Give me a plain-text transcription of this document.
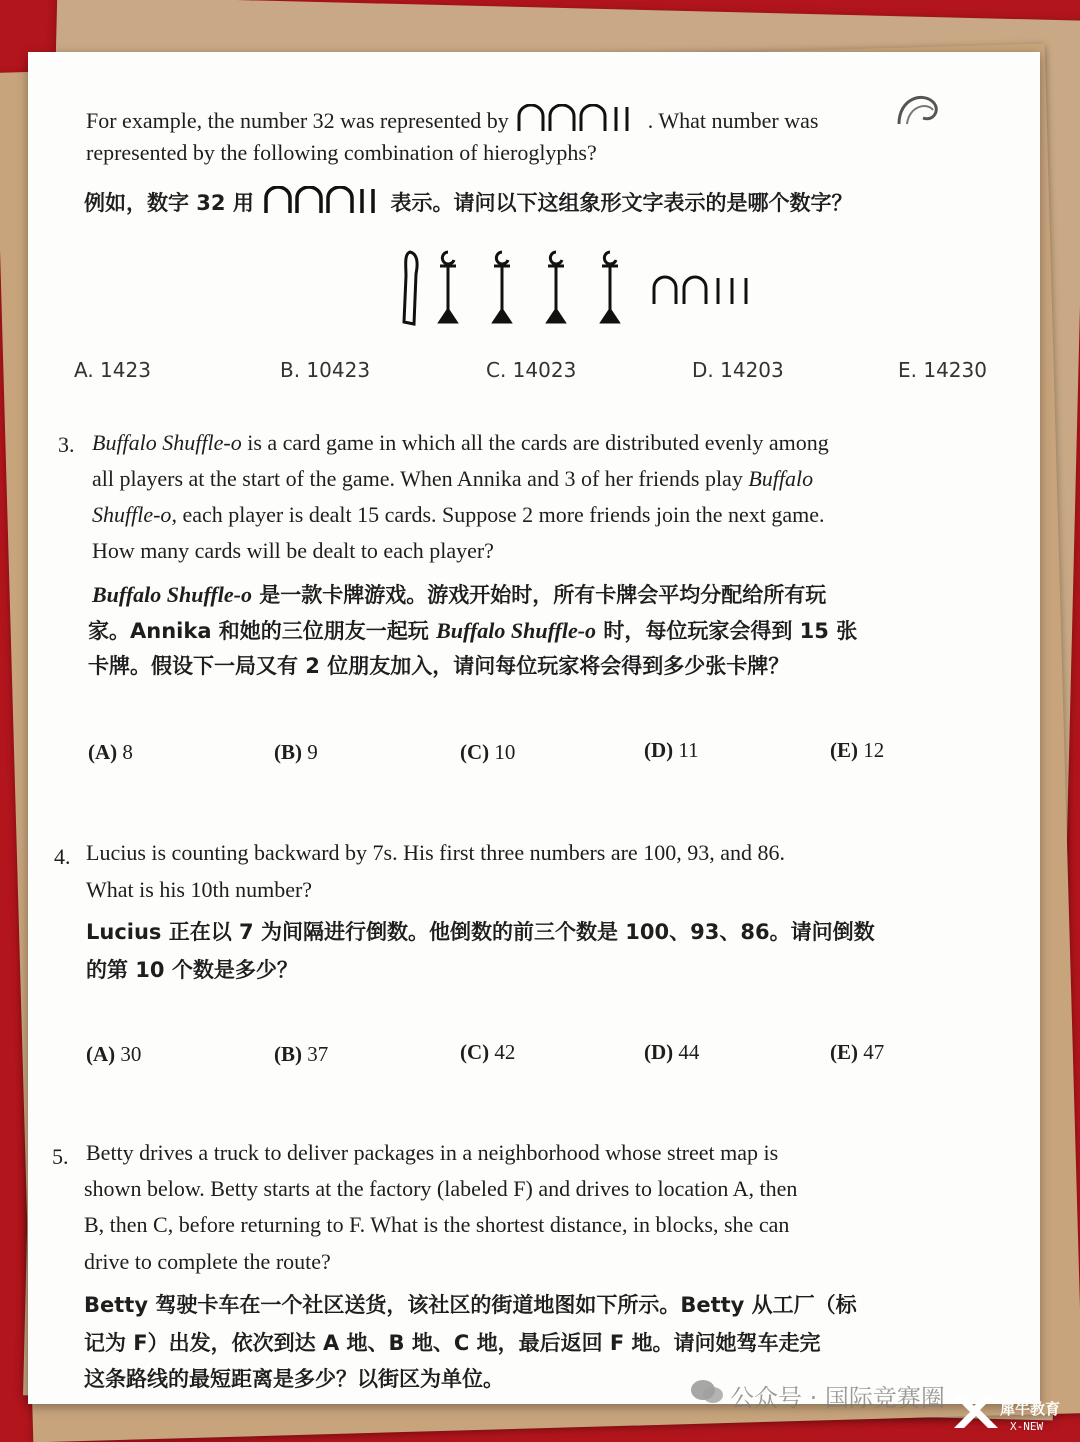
For example, the number 32 was represented by	. What number was
represented by the following combination of hieroglyphs?
例如，数字 32 用	表示。请问以下这组象形文字表示的是哪个数字？
A. 1423	B. 10423	C. 14023	D. 14203	E. 14230
3. Buffalo Shuffle-o is a card game in which all the cards are distributed evenly among
all players at the start of the game. When Annika and 3 of her friends play Buffalo
Shuffle-o, each player is dealt 15 cards. Suppose 2 more friends join the next game.
How many cards will be dealt to each player?
Buffalo Shuffle-o 是一款卡牌游戏。游戏开始时，所有卡牌会平均分配给所有玩
家。Annika 和她的三位朋友一起玩 Buffalo Shuffle-o 时，每位玩家会得到 15 张
卡牌。假设下一局又有 2 位朋友加入，请问每位玩家将会得到多少张卡牌？
(A) 8	(B) 9	(C) 10	(D) 11	(E) 12
4. Lucius is counting backward by 7s. His first three numbers are 100, 93, and 86.
What is his 10th number?
Lucius 正在以 7 为间隔进行倒数。他倒数的前三个数是 100、93、86。请问倒数
的第 10 个数是多少？
(A) 30	(B) 37	(C) 42	(D) 44	(E) 47
5. Betty drives a truck to deliver packages in a neighborhood whose street map is
shown below. Betty starts at the factory (labeled F) and drives to location A, then
B, then C, before returning to F. What is the shortest distance, in blocks, she can
drive to complete the route?
Betty 驾驶卡车在一个社区送货，该社区的街道地图如下所示。Betty 从工厂（标
记为 F）出发，依次到达 A 地、B 地、C 地，最后返回 F 地。请问她驾车走完
这条路线的最短距离是多少？以街区为单位。
公众号 · 国际竞赛圈	犀牛教育
X-NEW
